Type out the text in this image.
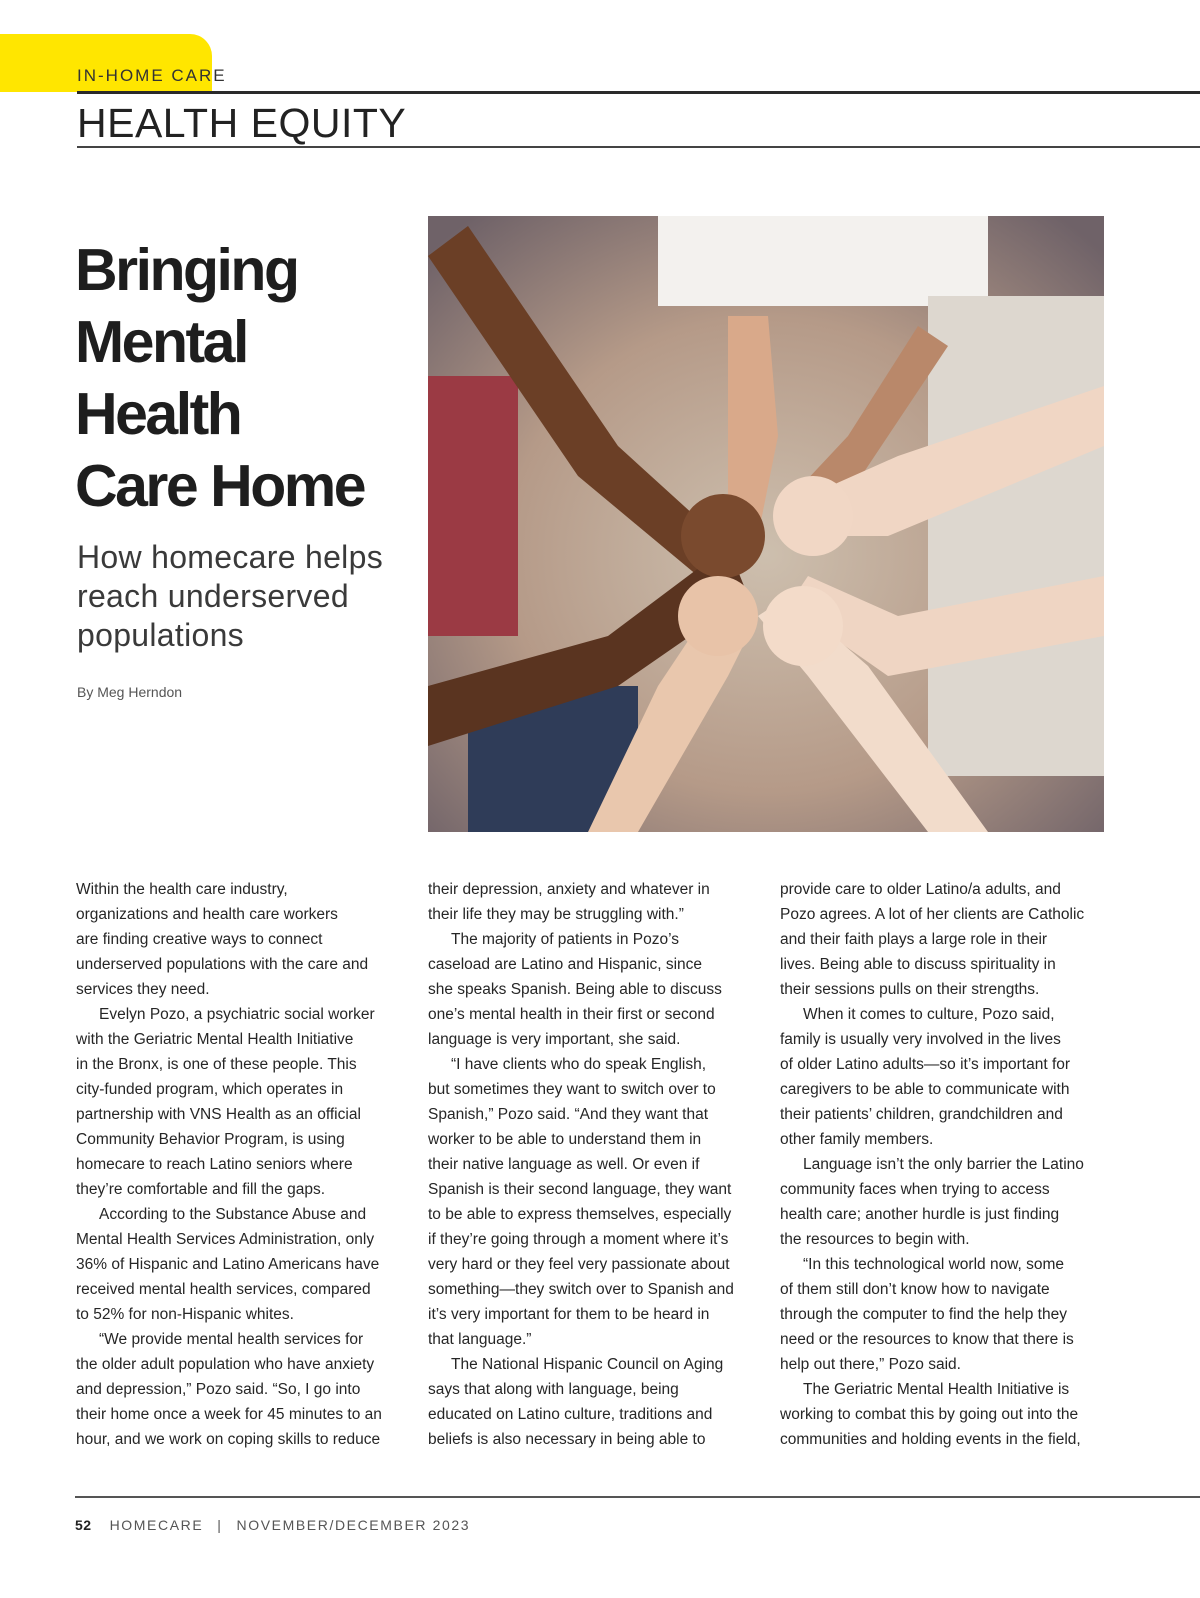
IN-HOME CARE
HEALTH EQUITY
Bringing
Mental
Health
Care Home
How homecare helps
reach underserved
populations
By Meg Herndon

Within the health care industry,
organizations and health care workers
are finding creative ways to connect
underserved populations with the care and
services they need.

Evelyn Pozo, a psychiatric social worker
with the Geriatric Mental Health Initiative
in the Bronx, is one of these people. This
city-funded program, which operates in
partnership with VNS Health as an official
Community Behavior Program, is using
homecare to reach Latino seniors where
they’re comfortable and fill the gaps.

According to the Substance Abuse and
Mental Health Services Administration, only
36% of Hispanic and Latino Americans have
received mental health services, compared
to 52% for non-Hispanic whites.

“We provide mental health services for
the older adult population who have anxiety
and depression,” Pozo said. “So, I go into
their home once a week for 45 minutes to an
hour, and we work on coping skills to reduce

their depression, anxiety and whatever in
their life they may be struggling with.”

The majority of patients in Pozo’s
caseload are Latino and Hispanic, since
she speaks Spanish. Being able to discuss
one’s mental health in their first or second
language is very important, she said.

“I have clients who do speak English,
but sometimes they want to switch over to
Spanish,” Pozo said. “And they want that
worker to be able to understand them in
their native language as well. Or even if
Spanish is their second language, they want
to be able to express themselves, especially
if they’re going through a moment where it’s
very hard or they feel very passionate about
something—they switch over to Spanish and
it’s very important for them to be heard in
that language.”

The National Hispanic Council on Aging
says that along with language, being
educated on Latino culture, traditions and
beliefs is also necessary in being able to

provide care to older Latino/a adults, and
Pozo agrees. A lot of her clients are Catholic
and their faith plays a large role in their
lives. Being able to discuss spirituality in
their sessions pulls on their strengths.

When it comes to culture, Pozo said,
family is usually very involved in the lives
of older Latino adults—so it’s important for
caregivers to be able to communicate with
their patients’ children, grandchildren and
other family members.

Language isn’t the only barrier the Latino
community faces when trying to access
health care; another hurdle is just finding
the resources to begin with.

“In this technological world now, some
of them still don’t know how to navigate
through the computer to find the help they
need or the resources to know that there is
help out there,” Pozo said.

The Geriatric Mental Health Initiative is
working to combat this by going out into the
communities and holding events in the field,

52 HOMECARE | NOVEMBER/DECEMBER 2023
